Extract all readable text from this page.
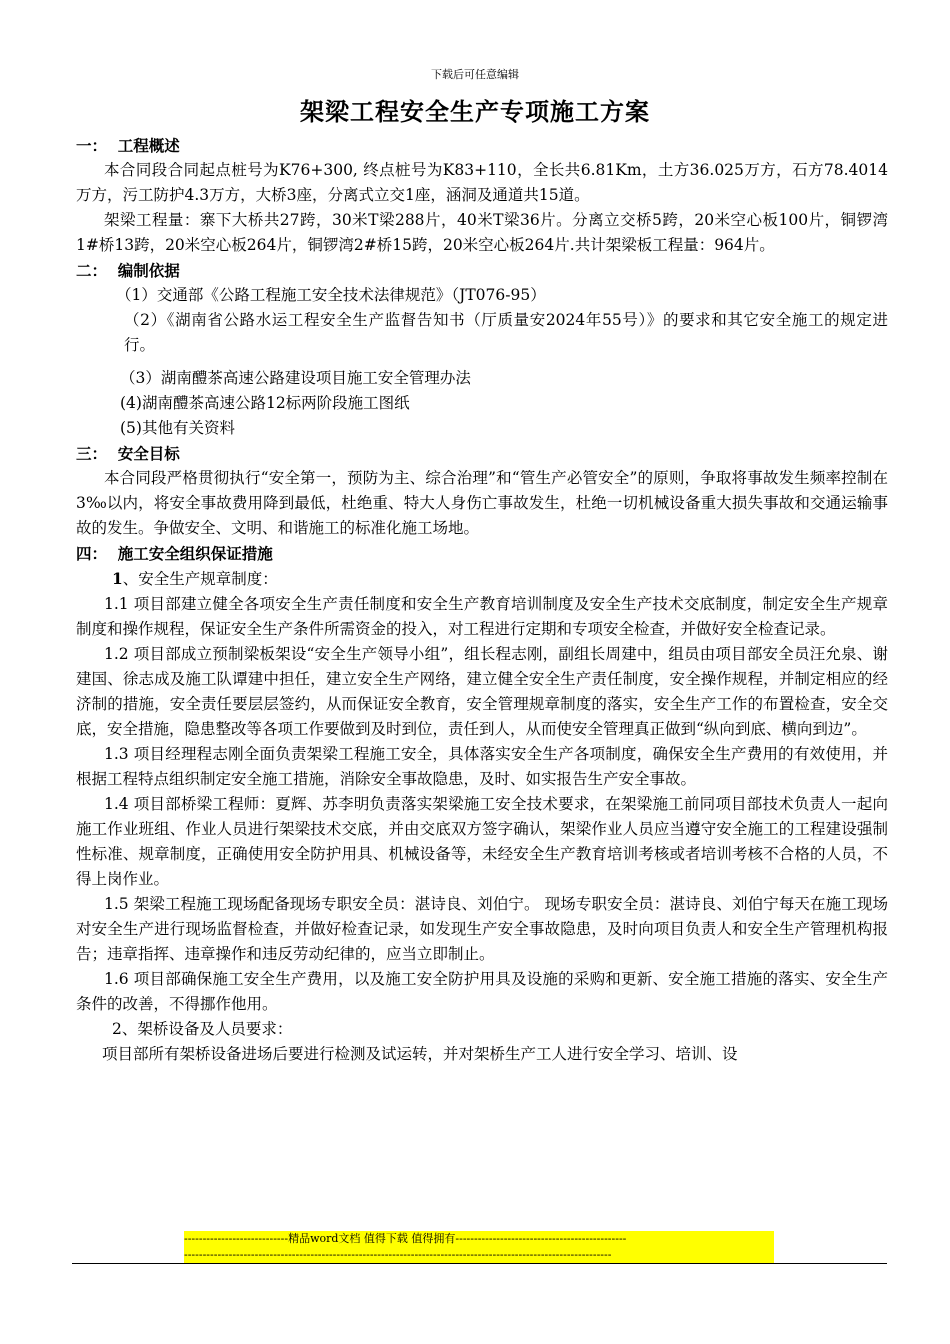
下载后可任意编辑
架梁工程安全生产专项施工方案

一：  工程概述

本合同段合同起点桩号为K76+300, 终点桩号为K83+110，全长共6.81Km，土方36.025万方，石方78.4014万方，污工防护4.3万方，大桥3座，分离式立交1座，涵洞及通道共15道。

架梁工程量：寨下大桥共27跨，30米T梁288片，40米T梁36片。分离立交桥5跨，20米空心板100片，铜锣湾1#桥13跨，20米空心板264片，铜锣湾2#桥15跨，20米空心板264片.共计架梁板工程量：964片。

二：  编制依据

（1）交通部《公路工程施工安全技术法律规范》（JT076-95）

（2）《湖南省公路水运工程安全生产监督告知书（厅质量安2024年55号）》的要求和其它安全施工的规定进行。

（3）湖南醴茶高速公路建设项目施工安全管理办法

(4)湖南醴茶高速公路12标两阶段施工图纸

(5)其他有关资料

三：  安全目标

本合同段严格贯彻执行“安全第一，预防为主、综合治理”和“管生产必管安全”的原则，争取将事故发生频率控制在3‰以内，将安全事故费用降到最低，杜绝重、特大人身伤亡事故发生，杜绝一切机械设备重大损失事故和交通运输事故的发生。争做安全、文明、和谐施工的标准化施工场地。

四：  施工安全组织保证措施

1、安全生产规章制度：

1.1 项目部建立健全各项安全生产责任制度和安全生产教育培训制度及安全生产技术交底制度，制定安全生产规章制度和操作规程，保证安全生产条件所需资金的投入，对工程进行定期和专项安全检查，并做好安全检查记录。

1.2 项目部成立预制梁板架设“安全生产领导小组”，组长程志刚，副组长周建中，组员由项目部安全员汪允泉、谢建国、徐志成及施工队谭建中担任，建立安全生产网络，建立健全安全生产责任制度，安全操作规程，并制定相应的经济制的措施，安全责任要层层签约，从而保证安全教育，安全管理规章制度的落实，安全生产工作的布置检查，安全交底，安全措施，隐患整改等各项工作要做到及时到位，责任到人，从而使安全管理真正做到“纵向到底、横向到边”。

1.3 项目经理程志刚全面负责架梁工程施工安全，具体落实安全生产各项制度，确保安全生产费用的有效使用，并根据工程特点组织制定安全施工措施，消除安全事故隐患，及时、如实报告生产安全事故。

1.4 项目部桥梁工程师：夏辉、苏李明负责落实架梁施工安全技术要求，在架梁施工前同项目部技术负责人一起向施工作业班组、作业人员进行架梁技术交底，并由交底双方签字确认，架梁作业人员应当遵守安全施工的工程建设强制性标准、规章制度，正确使用安全防护用具、机械设备等，未经安全生产教育培训考核或者培训考核不合格的人员，不得上岗作业。

1.5 架梁工程施工现场配备现场专职安全员：湛诗良、刘伯宁。 现场专职安全员：湛诗良、刘伯宁每天在施工现场对安全生产进行现场监督检查，并做好检查记录，如发现生产安全事故隐患，及时向项目负责人和安全生产管理机构报告；违章指挥、违章操作和违反劳动纪律的，应当立即制止。

1.6 项目部确保施工安全生产费用，以及施工安全防护用具及设施的采购和更新、安全施工措施的落实、安全生产条件的改善，不得挪作他用。

2、架桥设备及人员要求：

项目部所有架桥设备进场后要进行检测及试运转，并对架桥生产工人进行安全学习、培训、设

----------------------------精品word文档 值得下载 值得拥有----------------------------------------------
-------------------------------------------------------------------------------------------------------------------
